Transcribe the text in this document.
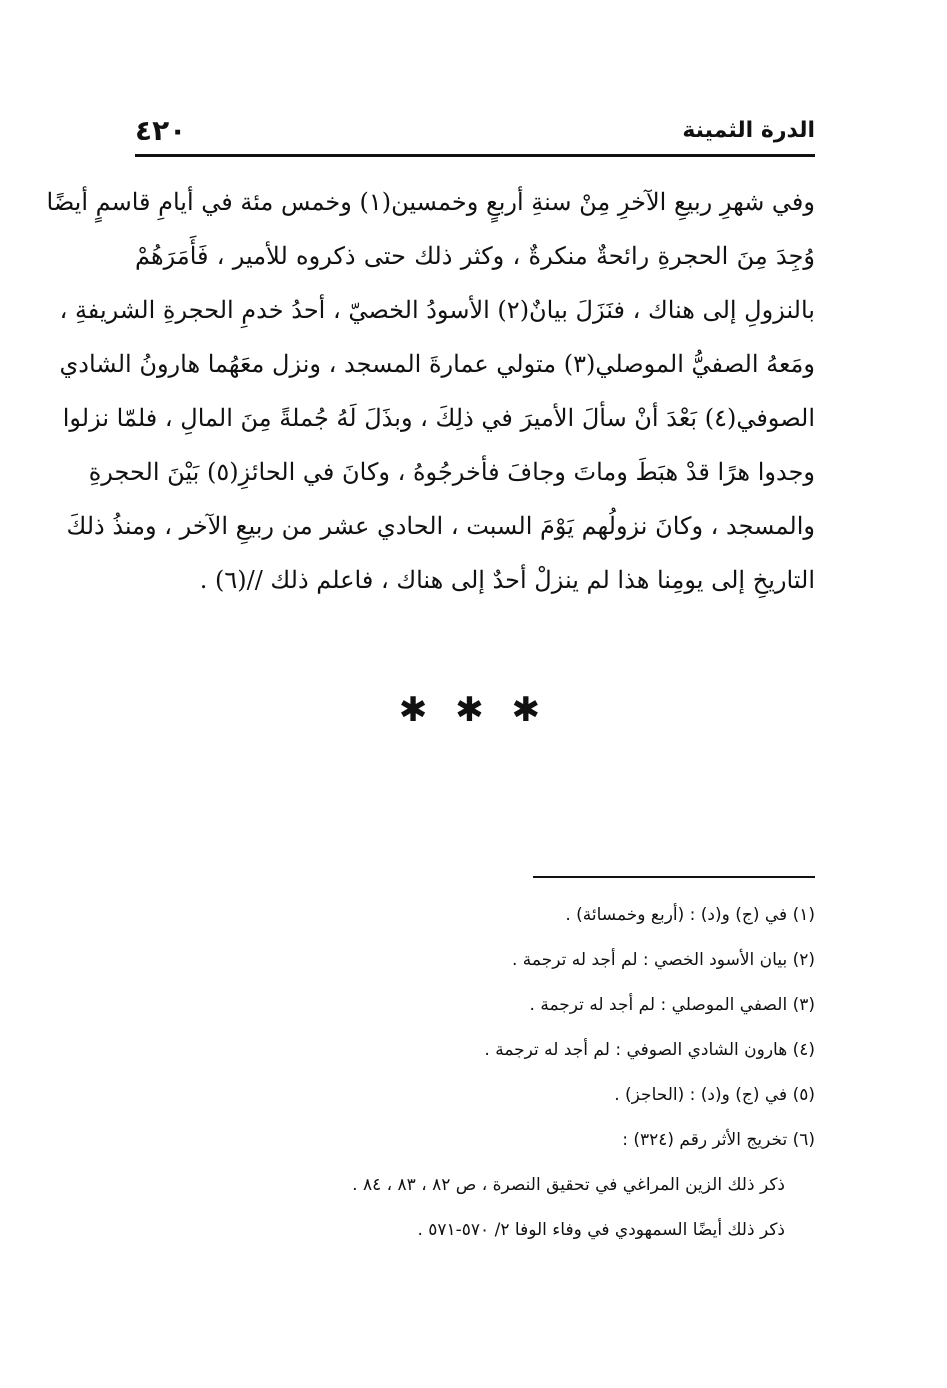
٤٢٠	الدرة الثمينة
وفي شهرِ ربيعِ الآخرِ مِنْ سنةِ أربعٍ وخمسين(١) وخمس مئة في أيامِ قاسمٍ أيضًا
وُجِدَ مِنَ الحجرةِ رائحةٌ منكرةٌ ، وكثر ذلك حتى ذكروه للأمير ، فَأَمَرَهُمْ
بالنزولِ إلى هناك ، فنَزَلَ بيانٌ(٢) الأسودُ الخصيّ ، أحدُ خدمِ الحجرةِ الشريفةِ ،
ومَعهُ الصفيُّ الموصلي(٣) متولي عمارةَ المسجد ، ونزل معَهُما هارونُ الشادي
الصوفي(٤) بَعْدَ أنْ سألَ الأميرَ في ذلِكَ ، وبذَلَ لَهُ جُملةً مِنَ المالِ ، فلمّا نزلوا
وجدوا هرًا قدْ هبَطَ وماتَ وجافَ فأخرجُوهُ ، وكانَ في الحائزِ(٥) بَيْنَ الحجرةِ
والمسجد ، وكانَ نزولُهم يَوْمَ السبت ، الحادي عشر من ربيعِ الآخر ، ومنذُ ذلكَ
التاريخِ إلى يومِنا هذا لم ينزلْ أحدٌ إلى هناك ، فاعلم ذلك //(٦) .
✱ ✱ ✱
(١) في (ج) و(د) : (أربع وخمسائة) .
(٢) بيان الأسود الخصي : لم أجد له ترجمة .
(٣) الصفي الموصلي : لم أجد له ترجمة .
(٤) هارون الشادي الصوفي : لم أجد له ترجمة .
(٥) في (ج) و(د) : (الحاجز) .
(٦) تخريج الأثر رقم (٣٢٤) :
ذكر ذلك الزين المراغي في تحقيق النصرة ، ص ٨٢ ، ٨٣ ، ٨٤ .
ذكر ذلك أيضًا السمهودي في وفاء الوفا ٢/ ٥٧٠-٥٧١ .
